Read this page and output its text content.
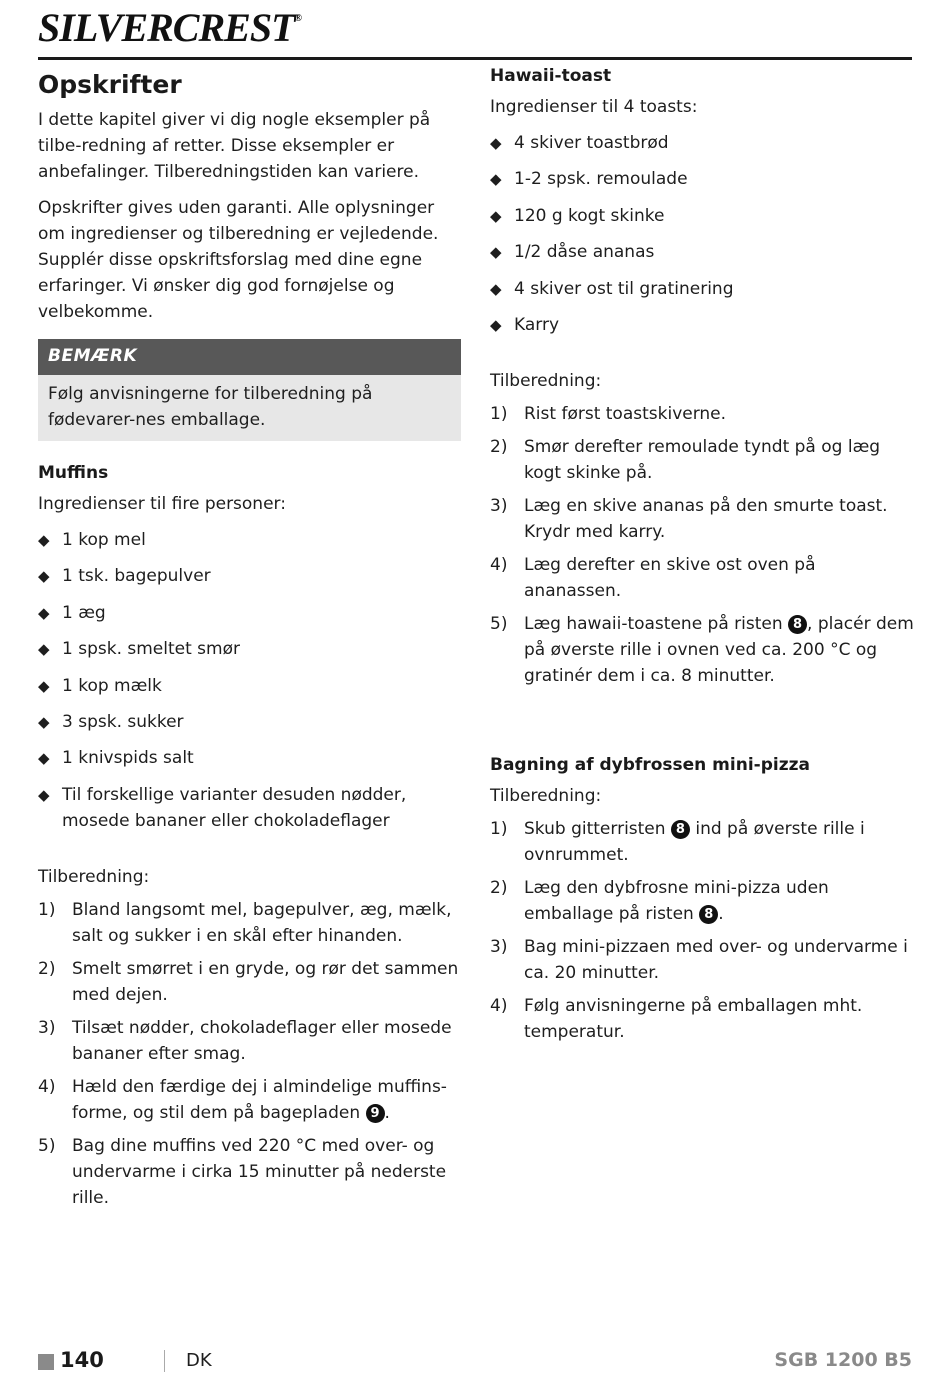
SILVERCREST®
Opskrifter

I dette kapitel giver vi dig nogle eksempler på tilbe-redning af retter. Disse eksempler er anbefalinger. Tilberedningstiden kan variere.

Opskrifter gives uden garanti. Alle oplysninger om ingredienser og tilberedning er vejledende. Supplér disse opskriftsforslag med dine egne erfaringer. Vi ønsker dig god fornøjelse og velbekomme.

BEMÆRK
Følg anvisningerne for tilberedning på fødevarer-nes emballage.
Muffins

Ingredienser til fire personer:

◆ 1 kop mel
◆ 1 tsk. bagepulver
◆ 1 æg
◆ 1 spsk. smeltet smør
◆ 1 kop mælk
◆ 3 spsk. sukker
◆ 1 knivspids salt
◆ Til forskellige varianter desuden nødder, mosede bananer eller chokoladeflager

Tilberedning:

1) Bland langsomt mel, bagepulver, æg, mælk, salt og sukker i en skål efter hinanden.
2) Smelt smørret i en gryde, og rør det sammen med dejen.
3) Tilsæt nødder, chokoladeflager eller mosede bananer efter smag.
4) Hæld den færdige dej i almindelige muffins-forme, og stil dem på bagepladen 9 .
5) Bag dine muffins ved 220 °C med over- og undervarme i cirka 15 minutter på nederste rille.
Hawaii-toast

Ingredienser til 4 toasts:

◆ 4 skiver toastbrød
◆ 1-2 spsk. remoulade
◆ 120 g kogt skinke
◆ 1/2 dåse ananas
◆ 4 skiver ost til gratinering
◆ Karry

Tilberedning:

1) Rist først toastskiverne.
2) Smør derefter remoulade tyndt på og læg kogt skinke på.
3) Læg en skive ananas på den smurte toast. Krydr med karry.
4) Læg derefter en skive ost oven på ananassen.
5) Læg hawaii-toastene på risten 8 , placér dem på øverste rille i ovnen ved ca. 200 °C og gratinér dem i ca. 8 minutter.
Bagning af dybfrossen mini-pizza

Tilberedning:

1) Skub gitterristen 8 ind på øverste rille i ovnrummet.
2) Læg den dybfrosne mini-pizza uden emballage på risten 8 .
3) Bag mini-pizzaen med over- og undervarme i ca. 20 minutter.
4) Følg anvisningerne på emballagen mht. temperatur.
140	DK	SGB 1200 B5
